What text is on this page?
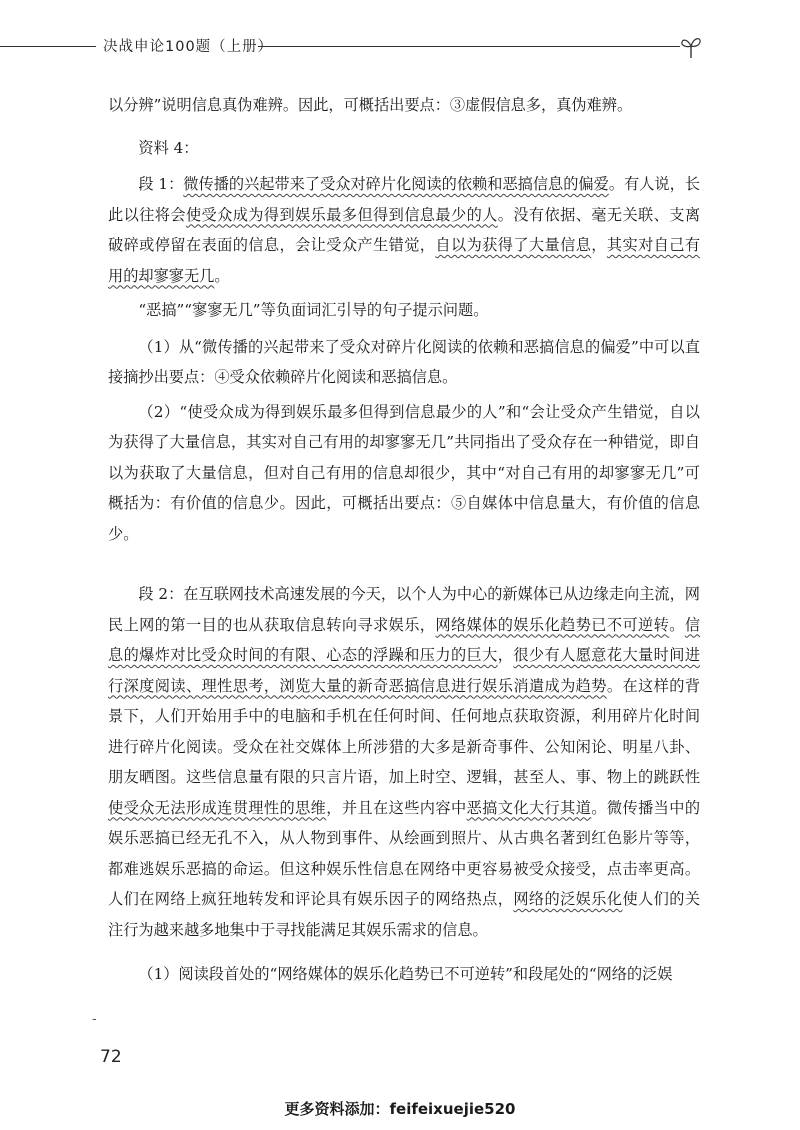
决战申论100题（上册）

以分辨”说明信息真伪难辨。因此，可概括出要点：③虚假信息多，真伪难辨。

资料 4：

段 1：微传播的兴起带来了受众对碎片化阅读的依赖和恶搞信息的偏爱。有人说，长此以往将会使受众成为得到娱乐最多但得到信息最少的人。没有依据、毫无关联、支离破碎或停留在表面的信息，会让受众产生错觉，自以为获得了大量信息，其实对自己有用的却寥寥无几。

“恶搞”“寥寥无几”等负面词汇引导的句子提示问题。

（1）从“微传播的兴起带来了受众对碎片化阅读的依赖和恶搞信息的偏爱”中可以直接摘抄出要点：④受众依赖碎片化阅读和恶搞信息。

（2）“使受众成为得到娱乐最多但得到信息最少的人”和“会让受众产生错觉，自以为获得了大量信息，其实对自己有用的却寥寥无几”共同指出了受众存在一种错觉，即自以为获取了大量信息，但对自己有用的信息却很少，其中“对自己有用的却寥寥无几”可概括为：有价值的信息少。因此，可概括出要点：⑤自媒体中信息量大，有价值的信息少。

段 2：在互联网技术高速发展的今天，以个人为中心的新媒体已从边缘走向主流，网民上网的第一目的也从获取信息转向寻求娱乐，网络媒体的娱乐化趋势已不可逆转。信息的爆炸对比受众时间的有限、心态的浮躁和压力的巨大，很少有人愿意花大量时间进行深度阅读、理性思考，浏览大量的新奇恶搞信息进行娱乐消遣成为趋势。在这样的背景下，人们开始用手中的电脑和手机在任何时间、任何地点获取资源，利用碎片化时间进行碎片化阅读。受众在社交媒体上所涉猎的大多是新奇事件、公知闲论、明星八卦、朋友晒图。这些信息量有限的只言片语，加上时空、逻辑，甚至人、事、物上的跳跃性使受众无法形成连贯理性的思维，并且在这些内容中恶搞文化大行其道。微传播当中的娱乐恶搞已经无孔不入，从人物到事件、从绘画到照片、从古典名著到红色影片等等，都难逃娱乐恶搞的命运。但这种娱乐性信息在网络中更容易被受众接受，点击率更高。人们在网络上疯狂地转发和评论具有娱乐因子的网络热点，网络的泛娱乐化使人们的关注行为越来越多地集中于寻找能满足其娱乐需求的信息。

（1）阅读段首处的“网络媒体的娱乐化趋势已不可逆转”和段尾处的“网络的泛娱

-
72
更多资料添加：feifeixuejie520
